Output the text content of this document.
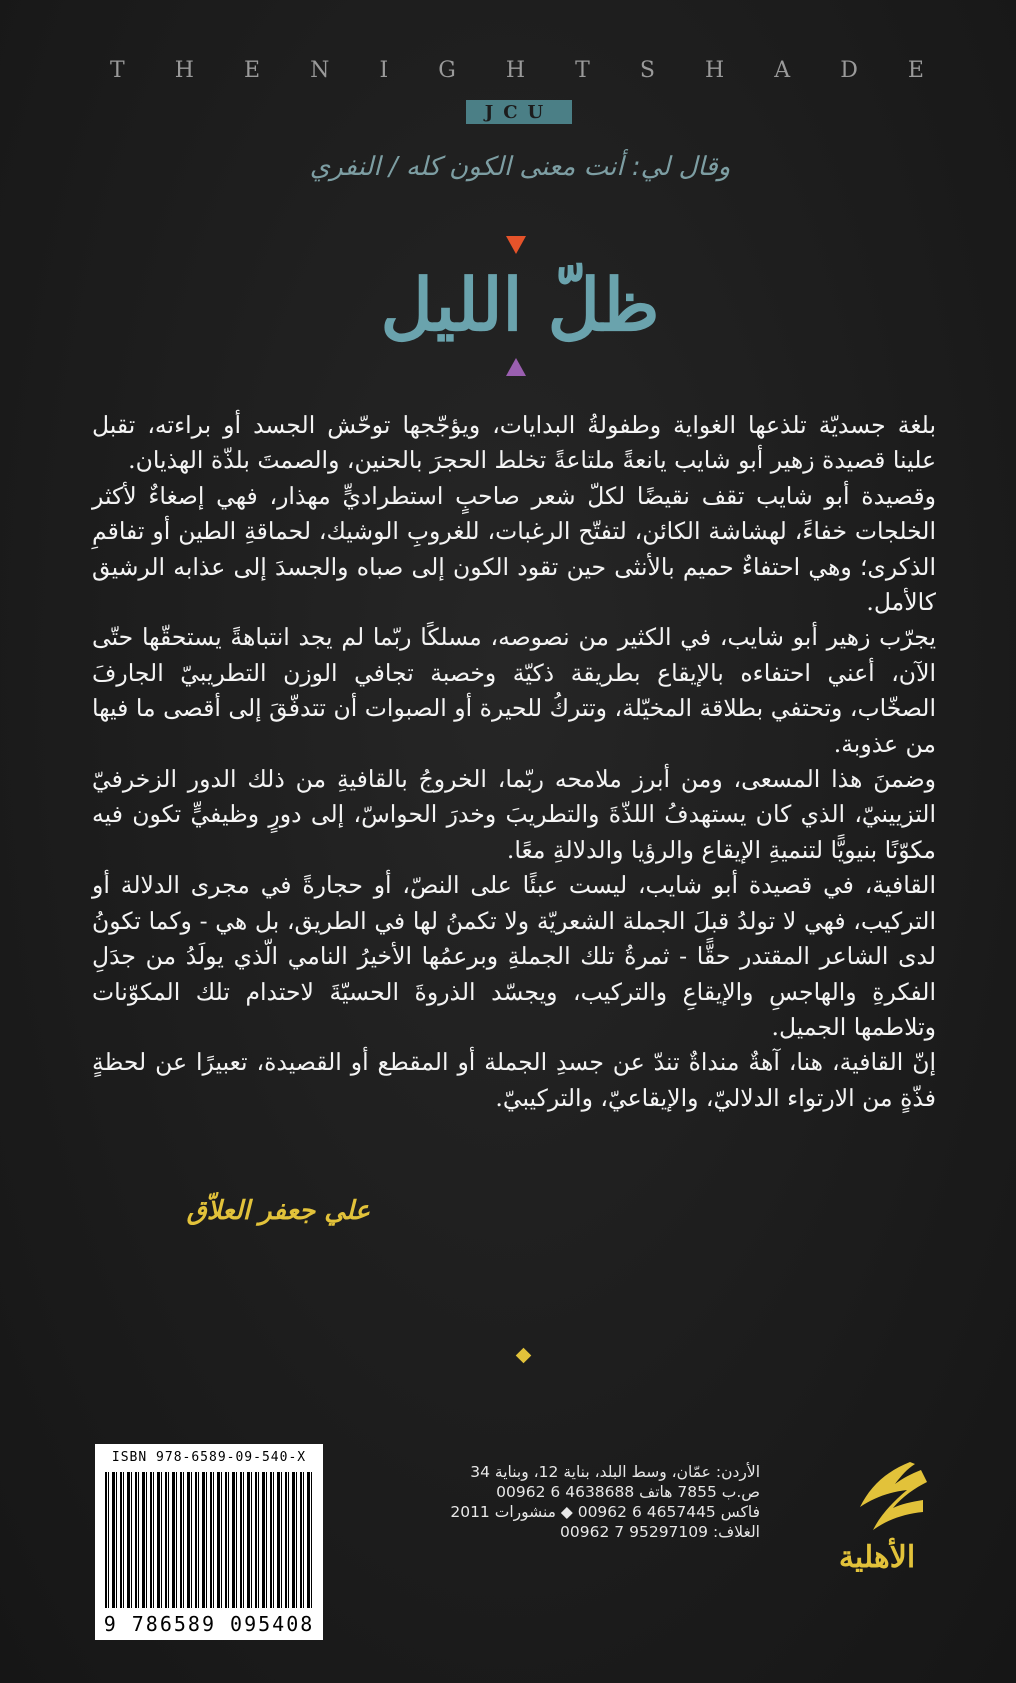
T H E N I G H T S H A D E
JCU
وقال لي: أنت معنى الكون كله / النفري
ظلّ الليل

بلغة جسديّة تلذعها الغواية وطفولةُ البدايات، ويؤجّجها توحّش الجسد أو براءته، تقبل علينا قصيدة زهير أبو شايب يانعةً ملتاعةً تخلط الحجرَ بالحنين، والصمتَ بلذّة الهذيان.

وقصيدة أبو شايب تقف نقيضًا لكلّ شعر صاحبٍ استطراديٍّ مهذار، فهي إصغاءٌ لأكثر الخلجات خفاءً، لهشاشة الكائن، لتفتّح الرغبات، للغروبِ الوشيك، لحماقةِ الطين أو تفاقمِ الذكرى؛ وهي احتفاءٌ حميم بالأنثى حين تقود الكون إلى صباه والجسدَ إلى عذابه الرشيق كالأمل.

يجرّب زهير أبو شايب، في الكثير من نصوصه، مسلكًا ربّما لم يجد انتباهةً يستحقّها حتّى الآن، أعني احتفاءه بالإيقاع بطريقة ذكيّة وخصبة تجافي الوزن التطريبيّ الجارفَ الصخّاب، وتحتفي بطلاقة المخيّلة، وتتركُ للحيرة أو الصبوات أن تتدفّقَ إلى أقصى ما فيها من عذوبة.

وضمنَ هذا المسعى، ومن أبرز ملامحه ربّما، الخروجُ بالقافيةِ من ذلك الدور الزخرفيّ التزيينيّ، الذي كان يستهدفُ اللذّةَ والتطريبَ وخدرَ الحواسّ، إلى دورٍ وظيفيٍّ تكون فيه مكوّنًا بنيويًّا لتنميةِ الإيقاع والرؤيا والدلالةِ معًا.

القافية، في قصيدة أبو شايب، ليست عبئًا على النصّ، أو حجارةً في مجرى الدلالة أو التركيب، فهي لا تولدُ قبلَ الجملة الشعريّة ولا تكمنُ لها في الطريق، بل هي - وكما تكونُ لدى الشاعر المقتدر حقًّا - ثمرةُ تلك الجملةِ وبرعمُها الأخيرُ النامي الّذي يولَدُ من جدَلِ الفكرةِ والهاجسِ والإيقاعِ والتركيب، ويجسّد الذروةَ الحسيّةَ لاحتدام تلك المكوّنات وتلاطمها الجميل.

إنّ القافية، هنا، آهةٌ منداةٌ تندّ عن جسدِ الجملة أو المقطع أو القصيدة، تعبيرًا عن لحظةٍ فذّةٍ من الارتواء الدلاليّ، والإيقاعيّ، والتركيبيّ.

علي جعفر العلاّق
ISBN 978-6589-09-540-X
9 786589 095408
الأردن: عمّان، وسط البلد، بناية 12، وبناية 34
ص.ب 7855 هاتف 4638688 6 00962
فاكس 4657445 6 00962 ◆ منشورات 2011
الغلاف: 95297109 7 00962
الأهلية
